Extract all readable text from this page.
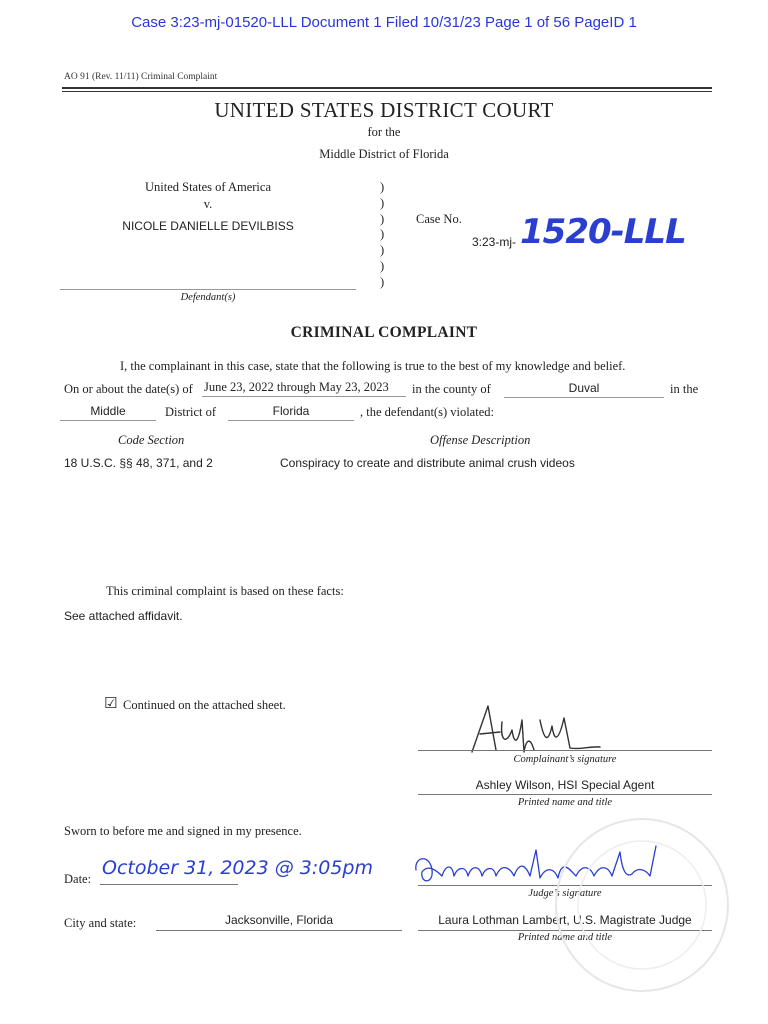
Case 3:23-mj-01520-LLL Document 1 Filed 10/31/23 Page 1 of 56 PageID 1
AO 91 (Rev. 11/11) Criminal Complaint
UNITED STATES DISTRICT COURT
for the
Middle District of Florida
United States of America
v.
NICOLE DANIELLE DEVILBISS
Defendant(s)
)
)
)
)
)
)
)
Case No.
3:23-mj- 1520-LLL
CRIMINAL COMPLAINT
I, the complainant in this case, state that the following is true to the best of my knowledge and belief.
On or about the date(s) of June 23, 2022 through May 23, 2023 in the county of	Duval	in the
Middle	District of	Florida	, the defendant(s) violated:
Code Section	Offense Description
18 U.S.C. §§ 48, 371, and 2	Conspiracy to create and distribute animal crush videos
This criminal complaint is based on these facts:
See attached affidavit.
☑ Continued on the attached sheet.
Complainant’s signature
Ashley Wilson, HSI Special Agent
Printed name and title
Sworn to before me and signed in my presence.
Date: October 31, 2023 @ 3:05pm
Judge’s signature
City and state:	Jacksonville, Florida	Laura Lothman Lambert, U.S. Magistrate Judge
Printed name and title
